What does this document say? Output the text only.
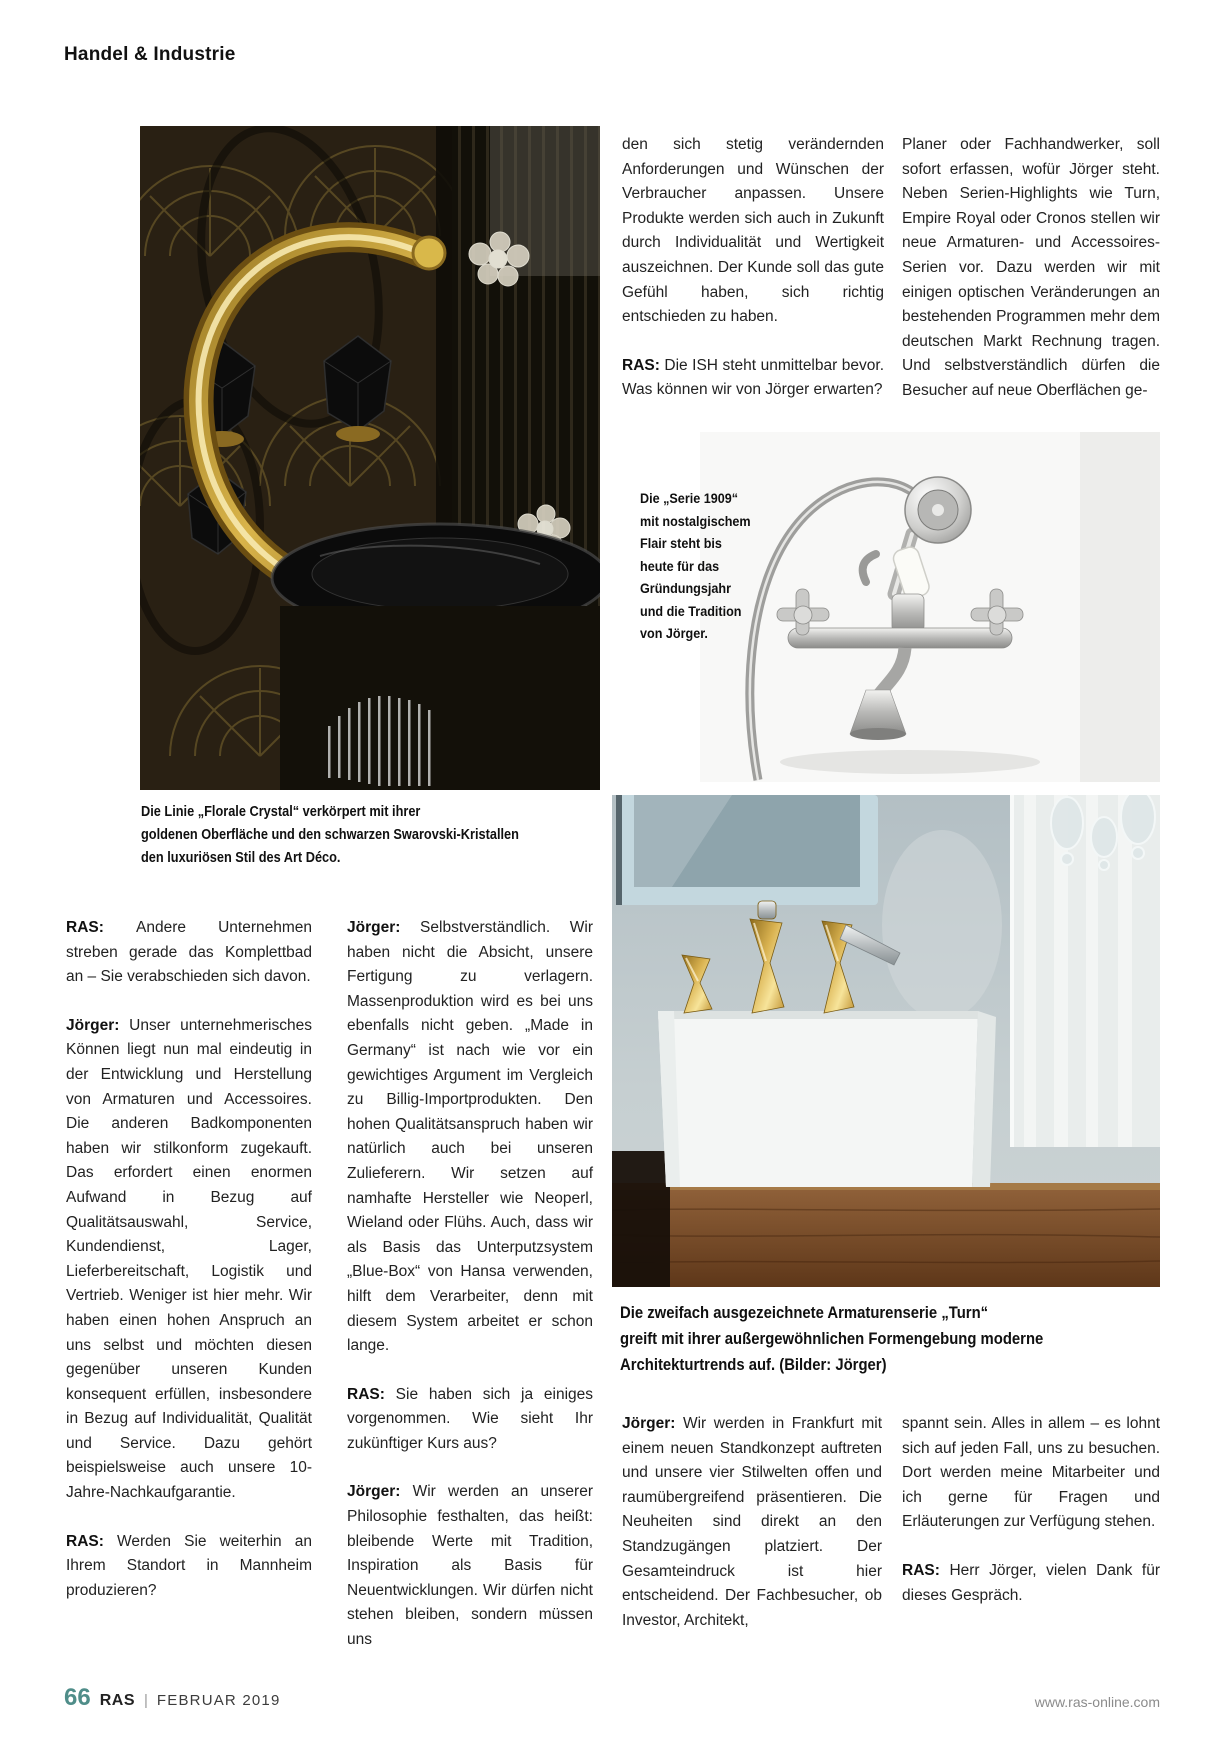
Handel & Industrie
Die Linie „Florale Crystal“ verkörpert mit ihrer
goldenen Oberfläche und den schwarzen Swarovski-Kristallen
den luxuriösen Stil des Art Déco.
Die „Serie 1909“
mit nostalgischem
Flair steht bis
heute für das
Gründungsjahr
und die Tradition
von Jörger.
Die zweifach ausgezeichnete Armaturenserie „Turn“
greift mit ihrer außergewöhnlichen Formengebung moderne
Architekturtrends auf. (Bilder: Jörger)

den sich stetig verändernden Anforderungen und Wünschen der Verbraucher anpassen. Unsere Produkte werden sich auch in Zukunft durch Individualität und Wertigkeit auszeichnen. Der Kunde soll das gute Gefühl haben, sich richtig entschieden zu haben.

RAS: Die ISH steht unmittelbar bevor. Was können wir von Jörger erwarten?

Planer oder Fachhandwerker, soll sofort erfassen, wofür Jörger steht. Neben Serien-Highlights wie Turn, Empire Royal oder Cronos stellen wir neue Armaturen- und Accessoires-Serien vor. Dazu werden wir mit einigen optischen Veränderungen an bestehenden Programmen mehr dem deutschen Markt Rechnung tragen. Und selbstverständlich dürfen die Besucher auf neue Oberflächen ge-

RAS: Andere Unternehmen streben gerade das Komplettbad an – Sie verabschieden sich davon.

Jörger: Unser unternehmerisches Können liegt nun mal eindeutig in der Entwicklung und Herstellung von Armaturen und Accessoires. Die anderen Badkomponenten haben wir stilkonform zugekauft. Das erfordert einen enormen Aufwand in Bezug auf Qualitätsauswahl, Service, Kundendienst, Lager, Lieferbereitschaft, Logistik und Vertrieb. Weniger ist hier mehr. Wir haben einen hohen Anspruch an uns selbst und möchten diesen gegenüber unseren Kunden konsequent erfüllen, insbesondere in Bezug auf Individualität, Qualität und Service. Dazu gehört beispielsweise auch unsere 10-Jahre-Nachkaufgarantie.

RAS: Werden Sie weiterhin an Ihrem Standort in Mannheim produzieren?

Jörger: Selbstverständlich. Wir haben nicht die Absicht, unsere Fertigung zu verlagern. Massenproduktion wird es bei uns ebenfalls nicht geben. „Made in Germany“ ist nach wie vor ein gewichtiges Argument im Vergleich zu Billig-Importprodukten. Den hohen Qualitätsanspruch haben wir natürlich auch bei unseren Zulieferern. Wir setzen auf namhafte Hersteller wie Neoperl, Wieland oder Flühs. Auch, dass wir als Basis das Unterputzsystem „Blue-Box“ von Hansa verwenden, hilft dem Verarbeiter, denn mit diesem System arbeitet er schon lange.

RAS: Sie haben sich ja einiges vorgenommen. Wie sieht Ihr zukünftiger Kurs aus?

Jörger: Wir werden an unserer Philosophie festhalten, das heißt: bleibende Werte mit Tradition, Inspiration als Basis für Neuentwicklungen. Wir dürfen nicht stehen bleiben, sondern müssen uns

Jörger: Wir werden in Frankfurt mit einem neuen Standkonzept auftreten und unsere vier Stilwelten offen und raumübergreifend präsentieren. Die Neuheiten sind direkt an den Standzugängen platziert. Der Gesamteindruck ist hier entscheidend. Der Fachbesucher, ob Investor, Architekt,

spannt sein. Alles in allem – es lohnt sich auf jeden Fall, uns zu besuchen. Dort werden meine Mitarbeiter und ich gerne für Fragen und Erläuterungen zur Verfügung stehen.

RAS: Herr Jörger, vielen Dank für dieses Gespräch.

66 RAS | FEBRUAR 2019	www.ras-online.com
